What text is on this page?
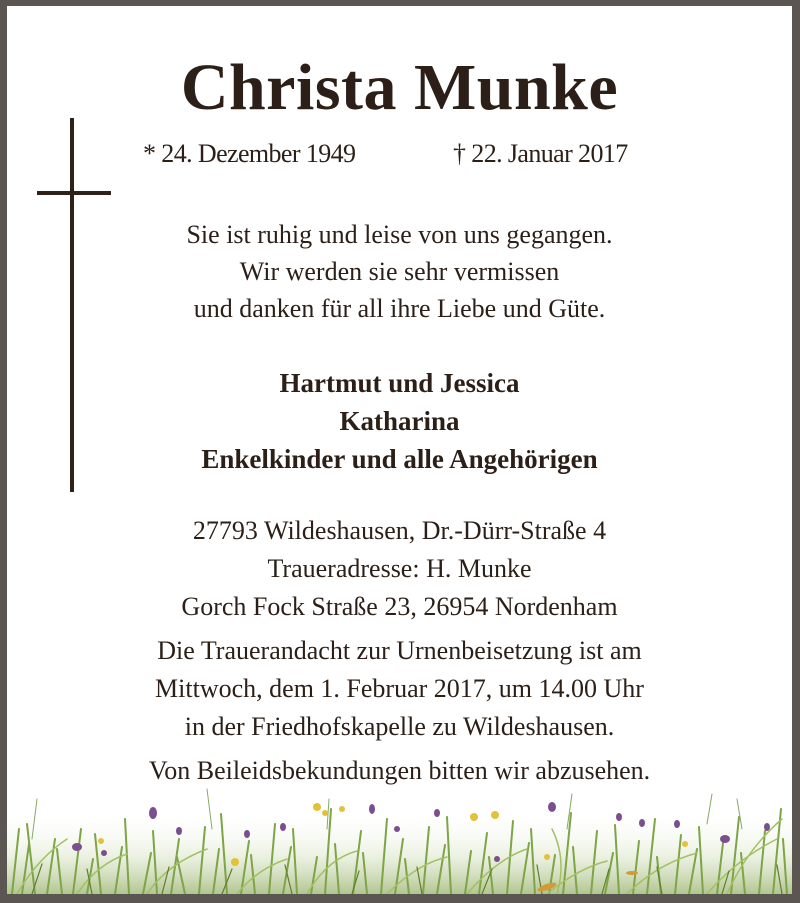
Christa Munke
* 24. Dezember 1949	† 22. Januar 2017
Sie ist ruhig und leise von uns gegangen.
Wir werden sie sehr vermissen
und danken für all ihre Liebe und Güte.
Hartmut und Jessica
Katharina
Enkelkinder und alle Angehörigen
27793 Wildeshausen, Dr.-Dürr-Straße 4
Traueradresse: H. Munke
Gorch Fock Straße 23, 26954 Nordenham
Die Trauerandacht zur Urnenbeisetzung ist am
Mittwoch, dem 1. Februar 2017, um 14.00 Uhr
in der Friedhofskapelle zu Wildeshausen.
Von Beileidsbekundungen bitten wir abzusehen.
